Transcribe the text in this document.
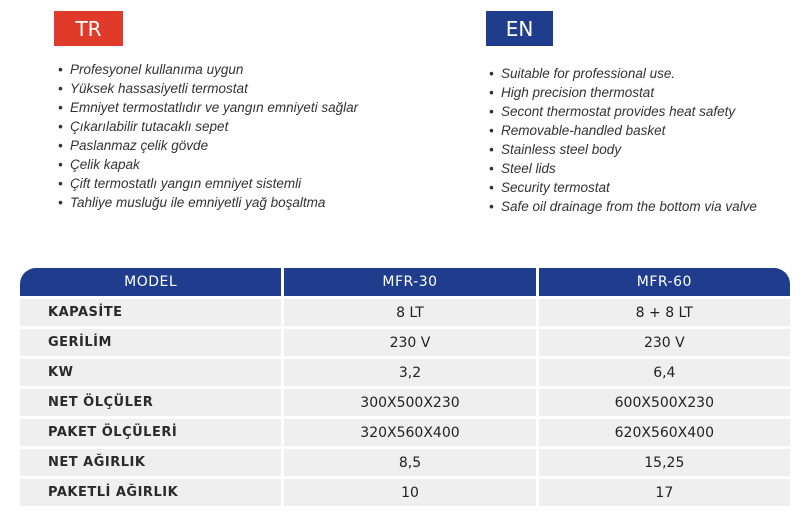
TR	EN
• Profesyonel kullanıma uygun
• Yüksek hassasiyetli termostat
• Emniyet termostatlıdır ve yangın emniyeti sağlar
• Çıkarılabilir tutacaklı sepet
• Paslanmaz çelik gövde
• Çelik kapak
• Çift termostatlı yangın emniyet sistemli
• Tahliye musluğu ile emniyetli yağ boşaltma
• Suitable for professional use.
• High precision thermostat
• Secont thermostat provides heat safety
• Removable-handled basket
• Stainless steel body
• Steel lids
• Security termostat
• Safe oil drainage from the bottom via valve
MODEL	MFR-30	MFR-60
KAPASİTE	8 LT	8 + 8 LT
GERİLİM	230 V	230 V
KW	3,2	6,4
NET ÖLÇÜLER	300X500X230	600X500X230
PAKET ÖLÇÜLERİ	320X560X400	620X560X400
NET AĞIRLIK	8,5	15,25
PAKETLİ AĞIRLIK	10	17
